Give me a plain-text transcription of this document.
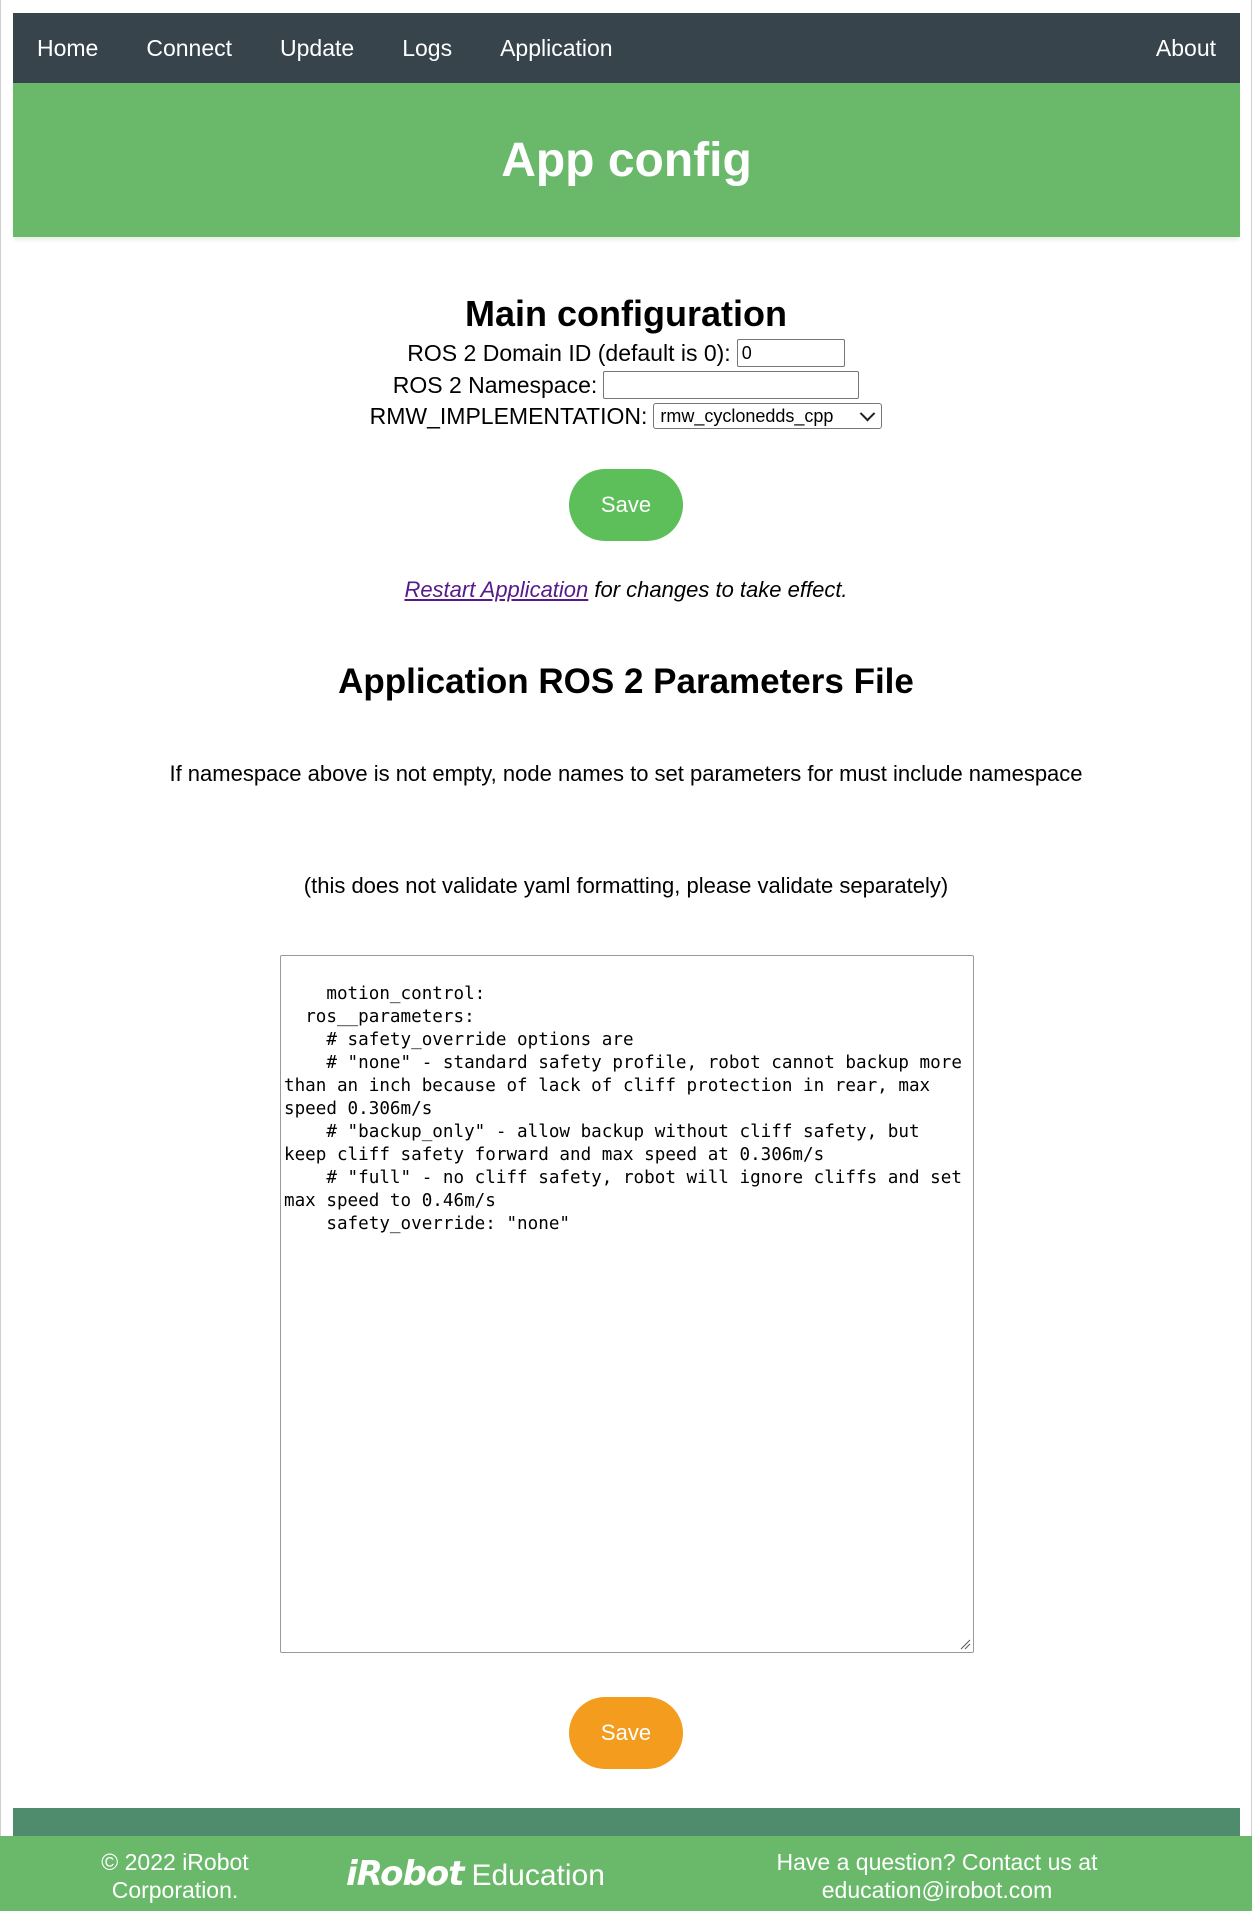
Home	Connect	Update	Logs	Application	About
App config
Main configuration
ROS 2 Domain ID (default is 0):
0
ROS 2 Namespace:
RMW_IMPLEMENTATION: rmw_cyclonedds_cpp
Save
Restart Application for changes to take effect.
Application ROS 2 Parameters File
If namespace above is not empty, node names to set parameters for must include namespace
(this does not validate yaml formatting, please validate separately)

motion_control:
ros__parameters:
# safety_override options are
# "none" - standard safety profile, robot cannot backup more than an inch because of lack of cliff protection in rear, max speed 0.306m/s
# "backup_only" - allow backup without cliff safety, but keep cliff safety forward and max speed at 0.306m/s
# "full" - no cliff safety, robot will ignore cliffs and set max speed to 0.46m/s
safety_override: "none"

Save
© 2022 iRobot Corporation.	iRobot Education	Have a question? Contact us at education@irobot.com
